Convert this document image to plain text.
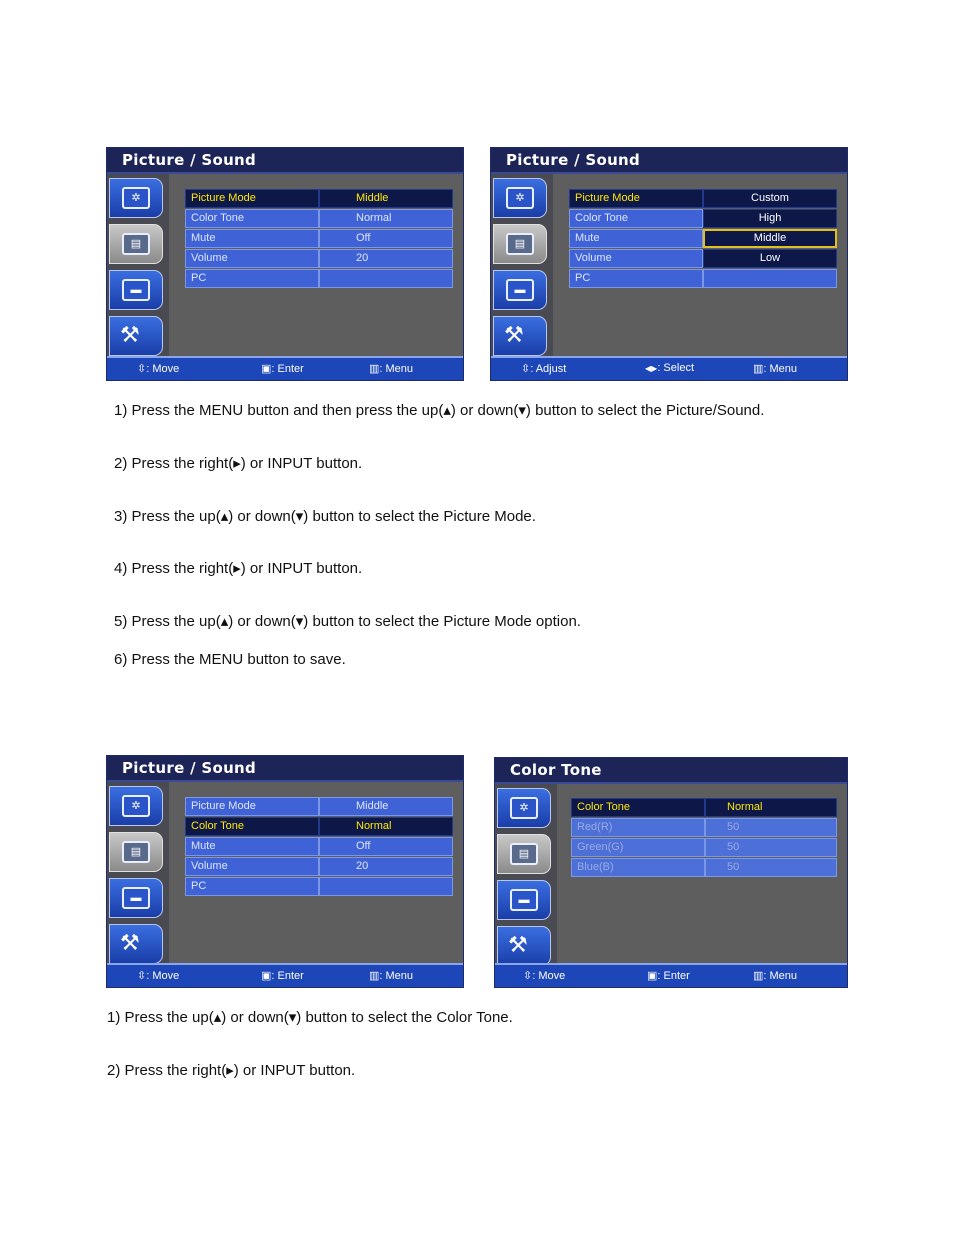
Picture / Sound
✲
▤
▬
⚒
Picture Mode	Middle
Color Tone	Normal
Mute	Off
Volume	20
PC
⇳: Move	▣: Enter	▥: Menu
Picture / Sound
✲
▤
▬
⚒
Picture Mode	Custom
Color Tone	High
Mute	Middle
Volume	Low
PC
⇳: Adjust	◀▶: Select	▥: Menu
1) Press the MENU button and then press the up(▴) or down(▾) button to select the Picture/Sound.
2) Press the right(▸) or INPUT button.
3) Press the up(▴) or down(▾) button to select the Picture Mode.
4) Press the right(▸) or INPUT button.
5) Press the up(▴) or down(▾) button to select the Picture Mode option.
6) Press the MENU button to save.
Picture / Sound
✲
▤
▬
⚒
Picture Mode	Middle
Color Tone	Normal
Mute	Off
Volume	20
PC
⇳: Move	▣: Enter	▥: Menu
Color Tone
✲
▤
▬
⚒
Color Tone	Normal
Red(R)	50
Green(G)	50
Blue(B)	50
⇳: Move	▣: Enter	▥: Menu
1) Press the up(▴) or down(▾) button to select the Color Tone.
2) Press the right(▸) or INPUT button.
